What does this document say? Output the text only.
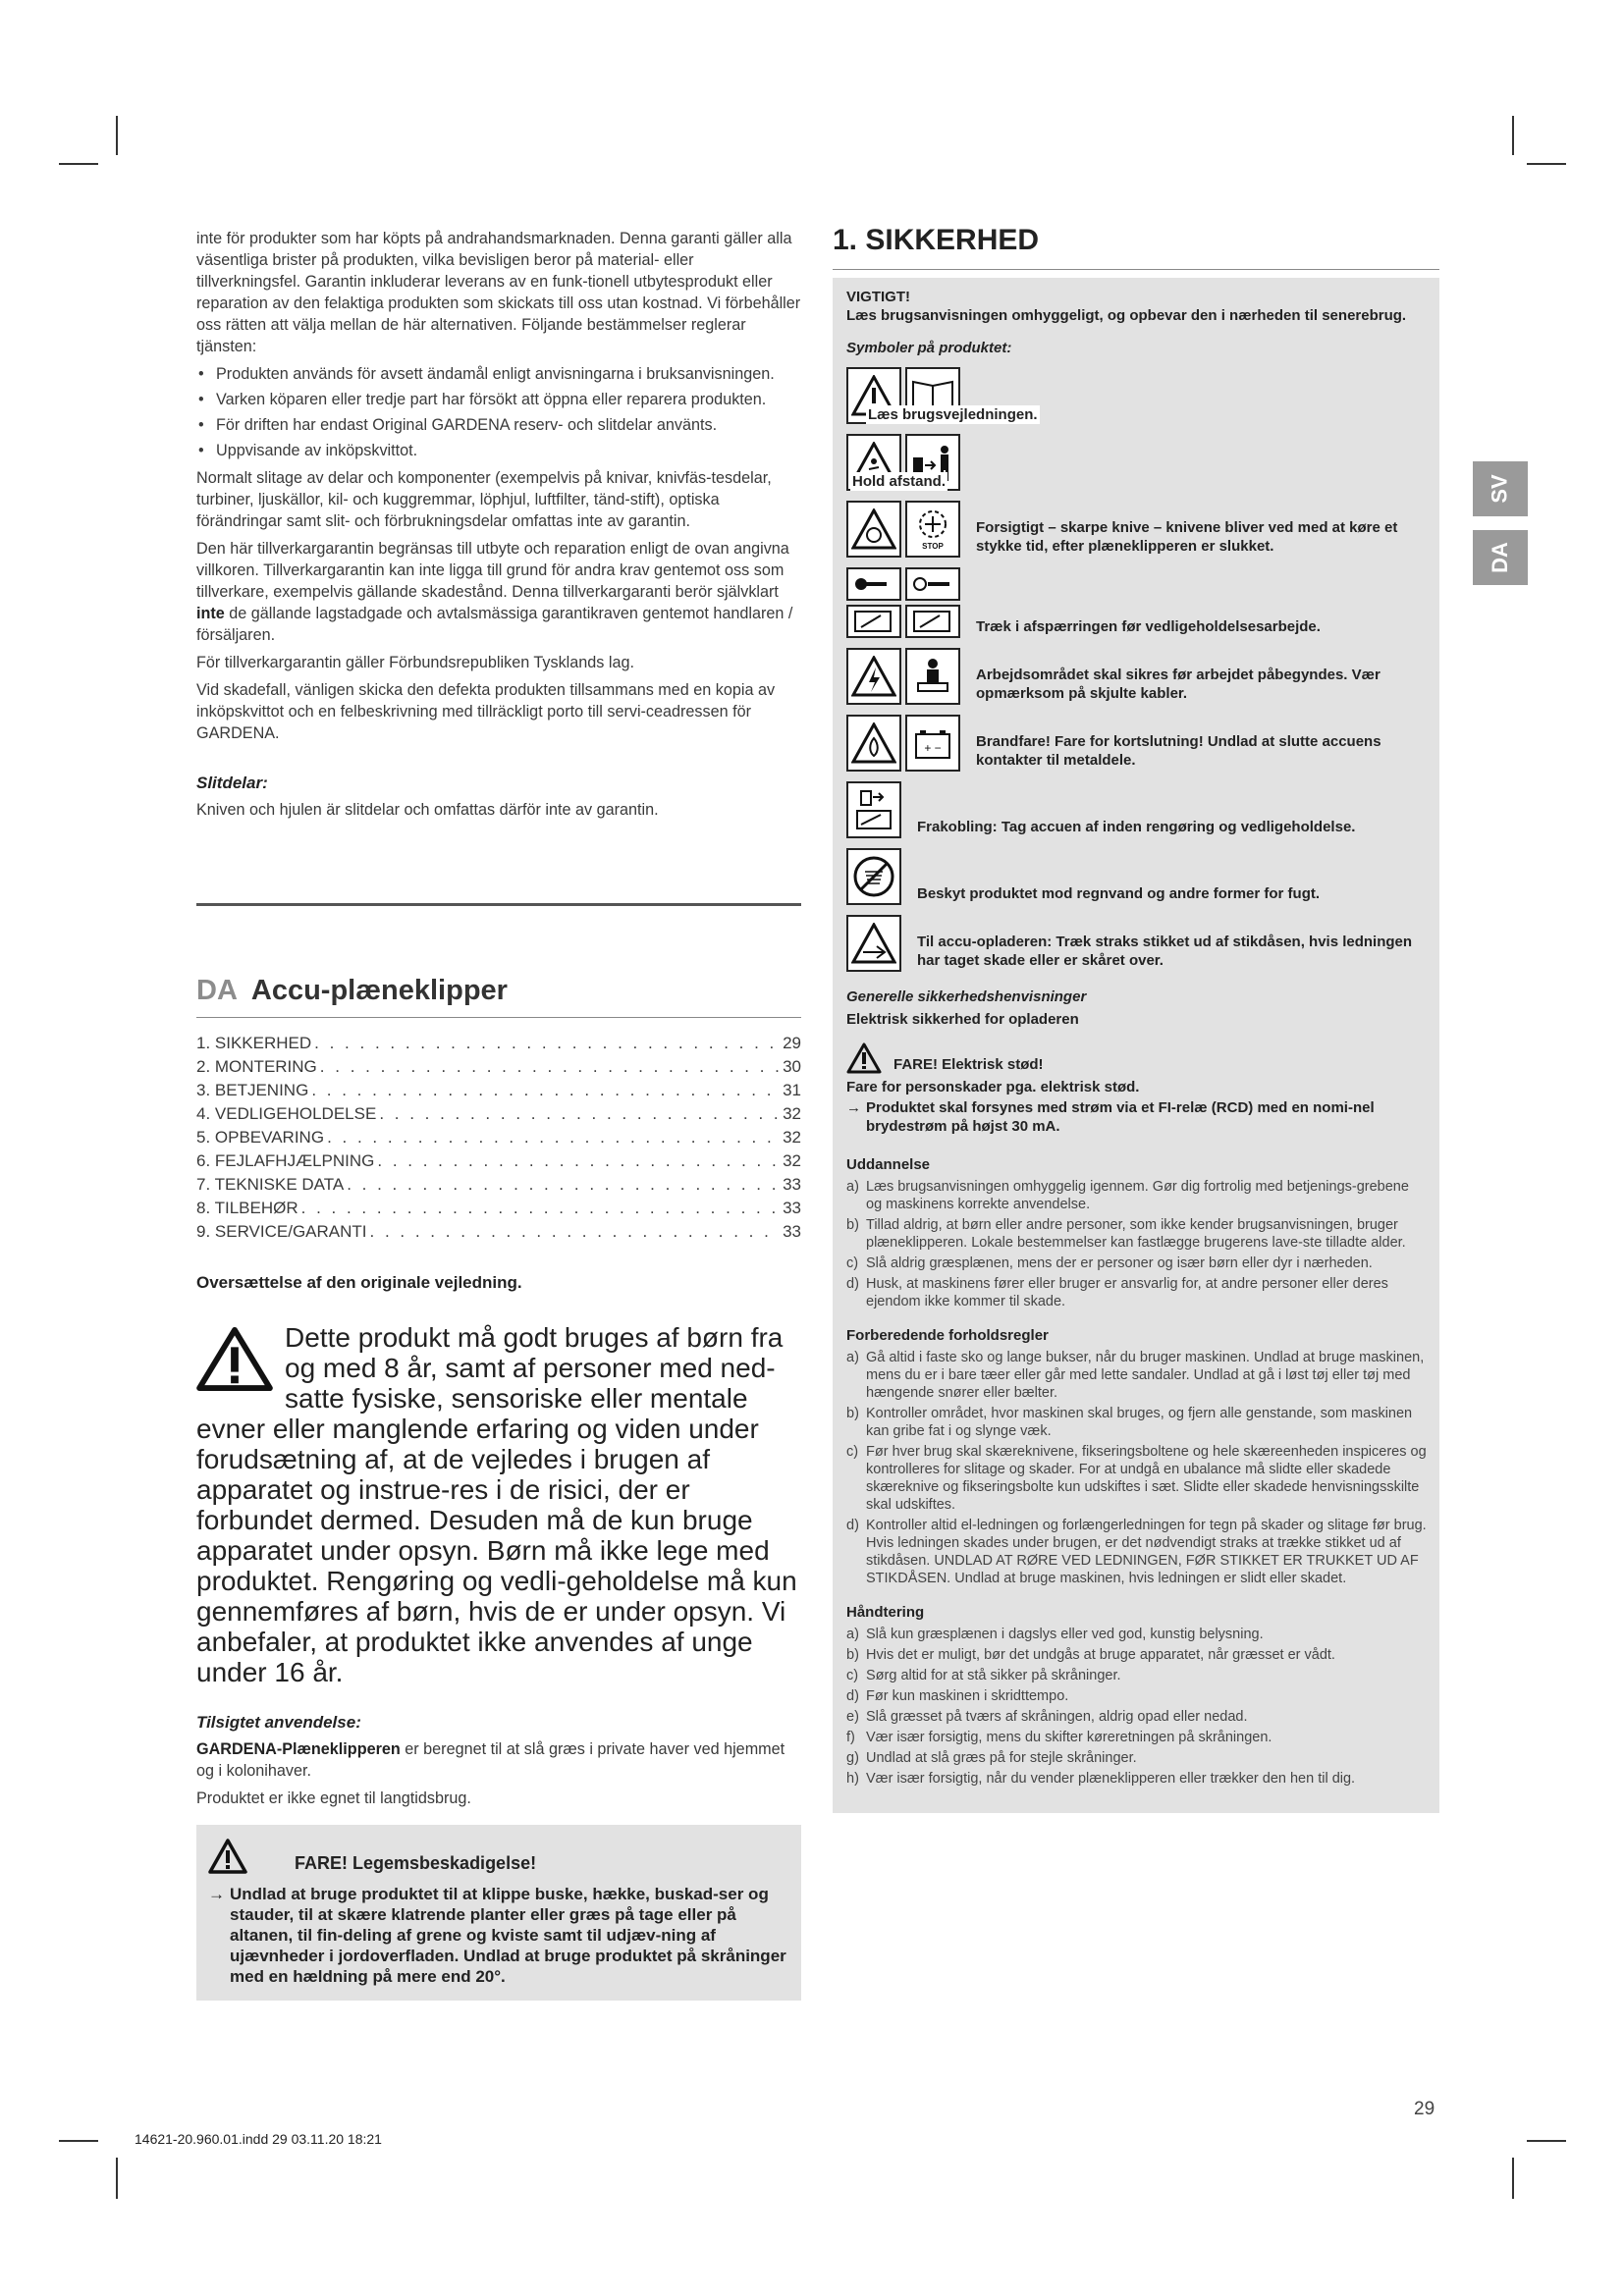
SV
DA

inte för produkter som har köpts på andrahandsmarknaden. Denna garanti gäller alla väsentliga brister på produkten, vilka bevisligen beror på material- eller tillverkningsfel. Garantin inkluderar leverans av en funk-tionell utbytesprodukt eller reparation av den felaktiga produkten som skickats till oss utan kostnad. Vi förbehåller oss rätten att välja mellan de här alternativen. Följande bestämmelser reglerar tjänsten:

• Produkten används för avsett ändamål enligt anvisningarna i bruksanvisningen.
• Varken köparen eller tredje part har försökt att öppna eller reparera produkten.
• För driften har endast Original GARDENA reserv- och slitdelar använts.
• Uppvisande av inköpskvittot.

Normalt slitage av delar och komponenter (exempelvis på knivar, knivfäs-tesdelar, turbiner, ljuskällor, kil- och kuggremmar, löphjul, luftfilter, tänd-stift), optiska förändringar samt slit- och förbrukningsdelar omfattas inte av garantin.

Den här tillverkargarantin begränsas till utbyte och reparation enligt de ovan angivna villkoren. Tillverkargarantin kan inte ligga till grund för andra krav gentemot oss som tillverkare, exempelvis gällande skadestånd. Denna tillverkargaranti berör självklart inte de gällande lagstadgade och avtalsmässiga garantikraven gentemot handlaren / försäljaren.

För tillverkargarantin gäller Förbundsrepubliken Tysklands lag.

Vid skadefall, vänligen skicka den defekta produkten tillsammans med en kopia av inköpskvittot och en felbeskrivning med tillräckligt porto till servi-ceadressen för GARDENA.

Slitdelar:

Kniven och hjulen är slitdelar och omfattas därför inte av garantin.

DA Accu-plæneklipper
1. SIKKERHED . . .	29
2. MONTERING . . .	30
3. BETJENING . . .	31
4. VEDLIGEHOLDELSE . . .	32
5. OPBEVARING . . .	32
6. FEJLAFHJÆLPNING . . .	32
7. TEKNISKE DATA . . .	33
8. TILBEHØR . . .	33
9. SERVICE/GARANTI . . .	33
Oversættelse af den originale vejledning.
Dette produkt må godt bruges af børn fra og med 8 år, samt af personer med ned-satte fysiske, sensoriske eller mentale evner eller manglende erfaring og viden under forudsætning af, at de vejledes i brugen af apparatet og instrue-res i de risici, der er forbundet dermed. Desuden må de kun bruge apparatet under opsyn. Børn må ikke lege med produktet. Rengøring og vedli-geholdelse må kun gennemføres af børn, hvis de er under opsyn. Vi anbefaler, at produktet ikke anvendes af unge under 16 år.
Tilsigtet anvendelse:

GARDENA-Plæneklipperen er beregnet til at slå græs i private haver ved hjemmet og i kolonihaver.

Produktet er ikke egnet til langtidsbrug.

FARE! Legemsbeskadigelse!
→ Undlad at bruge produktet til at klippe buske, hække, buskad-ser og stauder, til at skære klatrende planter eller græs på tage eller på altanen, til fin-deling af grene og kviste samt til udjæv-ning af ujævnheder i jordoverfladen. Undlad at bruge produktet på skråninger med en hældning på mere end 20°.
1. SIKKERHED
VIGTIGT!
Læs brugsanvisningen omhyggeligt, og opbevar den i nærheden til senerebrug.
Symboler på produktet:
Læs brugsvejledningen.
Hold afstand.
STOP
Forsigtigt – skarpe knive – knivene bliver ved med at køre et stykke tid, efter plæneklipperen er slukket.
Træk i afspærringen før vedligeholdelsesarbejde.
Arbejdsområdet skal sikres før arbejdet påbegyndes. Vær opmærksom på skjulte kabler.
+ − Brandfare! Fare for kortslutning! Undlad at slutte accuens kontakter til metaldele.
Frakobling: Tag accuen af inden rengøring og vedligeholdelse.
Beskyt produktet mod regnvand og andre former for fugt.
Til accu-opladeren: Træk straks stikket ud af stikdåsen, hvis ledningen har taget skade eller er skåret over.
Generelle sikkerhedshenvisninger
Elektrisk sikkerhed for opladeren
FARE! Elektrisk stød!
Fare for personskader pga. elektrisk stød.
→ Produktet skal forsynes med strøm via et FI-relæ (RCD) med en nomi-nel brydestrøm på højst 30 mA.
Uddannelse
a) Læs brugsanvisningen omhyggelig igennem. Gør dig fortrolig med betjenings-grebene og maskinens korrekte anvendelse.
b) Tillad aldrig, at børn eller andre personer, som ikke kender brugsanvisningen, bruger plæneklipperen. Lokale bestemmelser kan fastlægge brugerens lave-ste tilladte alder.
c) Slå aldrig græsplænen, mens der er personer og især børn eller dyr i nærheden.
d) Husk, at maskinens fører eller bruger er ansvarlig for, at andre personer eller deres ejendom ikke kommer til skade.
Forberedende forholdsregler
a) Gå altid i faste sko og lange bukser, når du bruger maskinen. Undlad at bruge maskinen, mens du er i bare tæer eller går med lette sandaler. Undlad at gå i løst tøj eller tøj med hængende snører eller bælter.
b) Kontroller området, hvor maskinen skal bruges, og fjern alle genstande, som maskinen kan gribe fat i og slynge væk.
c) Før hver brug skal skæreknivene, fikseringsboltene og hele skæreenheden inspiceres og kontrolleres for slitage og skader. For at undgå en ubalance må slidte eller skadede skæreknive og fikseringsbolte kun udskiftes i sæt. Slidte eller skadede henvisningsskilte skal udskiftes.
d) Kontroller altid el-ledningen og forlængerledningen for tegn på skader og slitage før brug. Hvis ledningen skades under brugen, er det nødvendigt straks at trække stikket ud af stikdåsen. UNDLAD AT RØRE VED LEDNINGEN, FØR STIKKET ER TRUKKET UD AF STIKDÅSEN. Undlad at bruge maskinen, hvis ledningen er slidt eller skadet.
Håndtering
a) Slå kun græsplænen i dagslys eller ved god, kunstig belysning.
b) Hvis det er muligt, bør det undgås at bruge apparatet, når græsset er vådt.
c) Sørg altid for at stå sikker på skråninger.
d) Før kun maskinen i skridttempo.
e) Slå græsset på tværs af skråningen, aldrig opad eller nedad.
f) Vær især forsigtig, mens du skifter køreretningen på skråningen.
g) Undlad at slå græs på for stejle skråninger.
h) Vær især forsigtig, når du vender plæneklipperen eller trækker den hen til dig.
29
14621-20.960.01.indd 29 03.11.20 18:21
